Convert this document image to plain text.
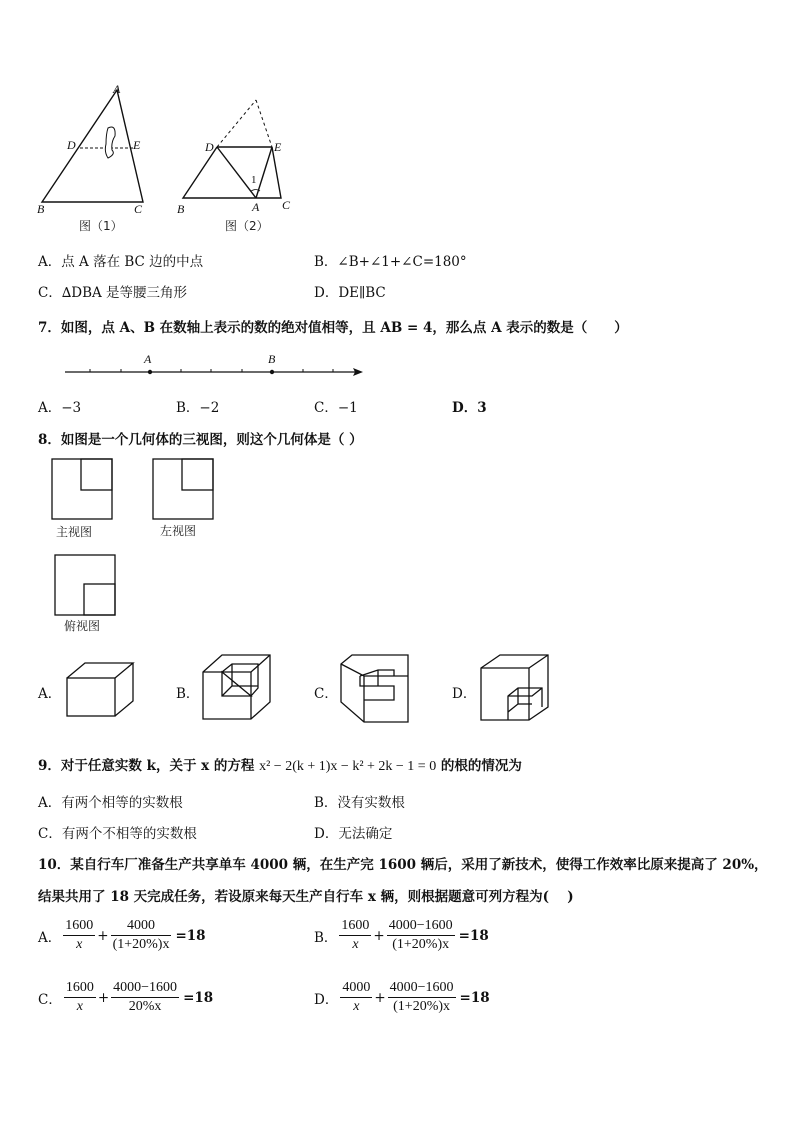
A
D	E
B	C
图（1）
D	E
1
B	A C
图（2）
A．点 A 落在 BC 边的中点	B．∠B+∠1+∠C=180°
C．∆DBA 是等腰三角形	D．DE∥BC
7．如图，点 A、B 在数轴上表示的数的绝对值相等，且 AB = 4，那么点 A 表示的数是（　　）
A	B
A．−3	B．−2	C．−1	D．3
8．如图是一个几何体的三视图，则这个几何体是（ ）
主视图	左视图
俯视图
A．	B．	C．	D．
9．对于任意实数 k，关于 x 的方程 x² − 2(k + 1)x − k² + 2k − 1 = 0 的根的情况为
A．有两个相等的实数根	B．没有实数根
C．有两个不相等的实数根	D．无法确定
10．某自行车厂准备生产共享单车 4000 辆，在生产完 1600 辆后，采用了新技术，使得工作效率比原来提高了 20%，
结果共用了 18 天完成任务，若设原来每天生产自行车 x 辆，则根据题意可列方程为(　 )
A． $\frac{1600}{x} + \frac{4000}{(1+20\%)x} =18$	B． $\frac{1600}{x} + \frac{4000-1600}{(1+20\%)x} =18$
C． $\frac{1600}{x} + \frac{4000-1600}{20\%x} =18$	D． $\frac{4000}{x} + \frac{4000-1600}{(1+20\%)x} =18$
